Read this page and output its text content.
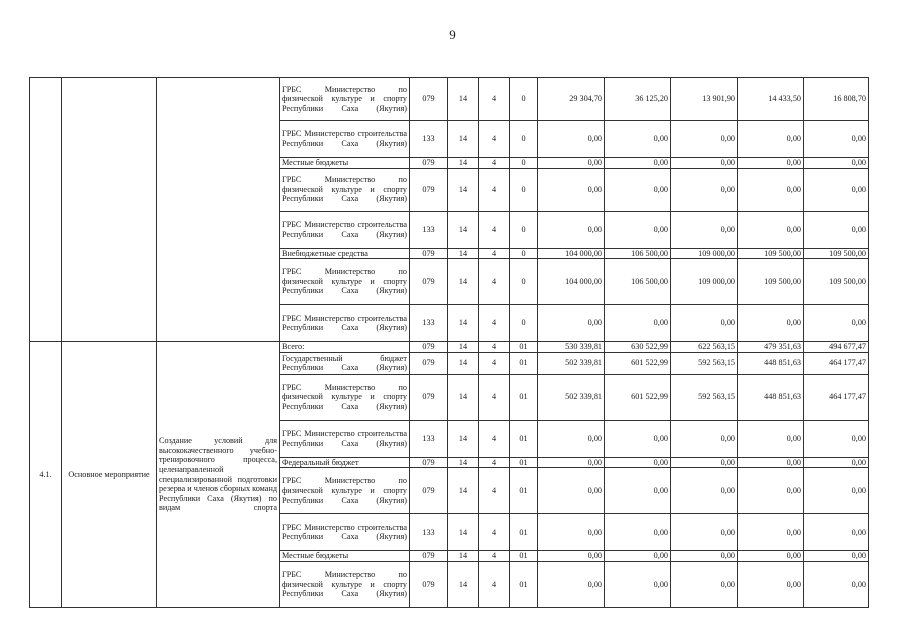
9
			ГРБС Министерство по физической культуре и спорту Республики Саха (Якутия)	079	14	4	0	29 304,70	36 125,20	13 901,90	14 433,50	16 808,70
			ГРБС Министерство строительства Республики Саха (Якутия)	133	14	4	0	0,00	0,00	0,00	0,00	0,00
			Местные бюджеты	079	14	4	0	0,00	0,00	0,00	0,00	0,00
			ГРБС Министерство по физической культуре и спорту Республики Саха (Якутия)	079	14	4	0	0,00	0,00	0,00	0,00	0,00
			ГРБС Министерство строительства Республики Саха (Якутия)	133	14	4	0	0,00	0,00	0,00	0,00	0,00
			Внебюджетные средства	079	14	4	0	104 000,00	106 500,00	109 000,00	109 500,00	109 500,00
			ГРБС Министерство по физической культуре и спорту Республики Саха (Якутия)	079	14	4	0	104 000,00	106 500,00	109 000,00	109 500,00	109 500,00
			ГРБС Министерство строительства Республики Саха (Якутия)	133	14	4	0	0,00	0,00	0,00	0,00	0,00
4.1.	Основное мероприятие	Создание условий для высококачественного учебно-тренировочного процесса, целенаправленной специализированной подготовки резерва и членов сборных команд Республики Саха (Якутия) по видам спорта	Всего:	079	14	4	01	530 339,81	630 522,99	622 563,15	479 351,63	494 677,47
			Государственный бюджет Республики Саха (Якутия)	079	14	4	01	502 339,81	601 522,99	592 563,15	448 851,63	464 177,47
			ГРБС Министерство по физической культуре и спорту Республики Саха (Якутия)	079	14	4	01	502 339,81	601 522,99	592 563,15	448 851,63	464 177,47
			ГРБС Министерство строительства Республики Саха (Якутия)	133	14	4	01	0,00	0,00	0,00	0,00	0,00
			Федеральный бюджет	079	14	4	01	0,00	0,00	0,00	0,00	0,00
			ГРБС Министерство по физической культуре и спорту Республики Саха (Якутия)	079	14	4	01	0,00	0,00	0,00	0,00	0,00
			ГРБС Министерство строительства Республики Саха (Якутия)	133	14	4	01	0,00	0,00	0,00	0,00	0,00
			Местные бюджеты	079	14	4	01	0,00	0,00	0,00	0,00	0,00
			ГРБС Министерство по физической культуре и спорту Республики Саха (Якутия)	079	14	4	01	0,00	0,00	0,00	0,00	0,00
